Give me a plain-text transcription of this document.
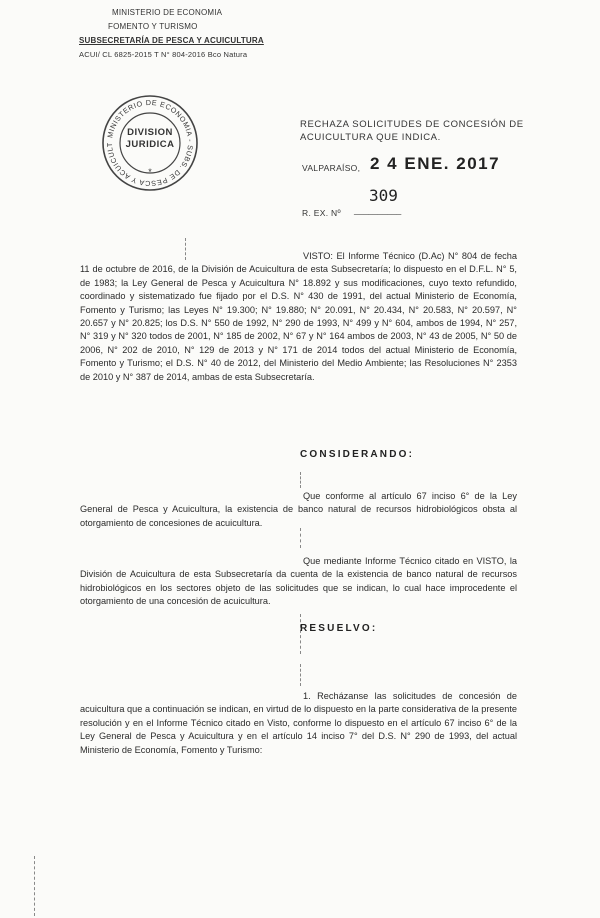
MINISTERIO DE ECONOMIA
FOMENTO Y TURISMO
SUBSECRETARÍA DE PESCA Y ACUICULTURA
ACUI/ CL 6825-2015 T N° 804-2016 Bco Natura
MINISTERIO DE ECONOMIA - SUBS. DE PESCA Y ACUICULT
*
DIVISION
JURIDICA
RECHAZA SOLICITUDES DE CONCESIÓN DE
ACUICULTURA QUE INDICA.
VALPARAÍSO, 2 4 ENE. 2017
309
R. EX. Nº __________

VISTO: El Informe Técnico (D.Ac) N° 804 de fecha 11 de octubre de 2016, de la División de Acuicultura de esta Subsecretaría; lo dispuesto en el D.F.L. N° 5, de 1983; la Ley General de Pesca y Acuicultura N° 18.892 y sus modificaciones, cuyo texto refundido, coordinado y sistematizado fue fijado por el D.S. N° 430 de 1991, del actual Ministerio de Economía, Fomento y Turismo; las Leyes N° 19.300; N° 19.880; N° 20.091, N° 20.434, N° 20.583, N° 20.597, N° 20.657 y N° 20.825; los D.S. N° 550 de 1992, N° 290 de 1993, N° 499 y N° 604, ambos de 1994, N° 257, N° 319 y N° 320 todos de 2001, N° 185 de 2002, N° 67 y N° 164 ambos de 2003, N° 43 de 2005, N° 50 de 2006, N° 202 de 2010, N° 129 de 2013 y N° 171 de 2014 todos del actual Ministerio de Economía, Fomento y Turismo; el D.S. N° 40 de 2012, del Ministerio del Medio Ambiente; las Resoluciones N° 2353 de 2010 y N° 387 de 2014, ambas de esta Subsecretaría.

CONSIDERANDO:

Que conforme al artículo 67 inciso 6° de la Ley General de Pesca y Acuicultura, la existencia de banco natural de recursos hidrobiológicos obsta al otorgamiento de concesiones de acuicultura.

Que mediante Informe Técnico citado en VISTO, la División de Acuicultura de esta Subsecretaría da cuenta de la existencia de banco natural de recursos hidrobiológicos en los sectores objeto de las solicitudes que se indican, lo cual hace improcedente el otorgamiento de una concesión de acuicultura.

RESUELVO:

1. Recházanse las solicitudes de concesión de acuicultura que a continuación se indican, en virtud de lo dispuesto en la parte considerativa de la presente resolución y en el Informe Técnico citado en Visto, conforme lo dispuesto en el artículo 67 inciso 6° de la Ley General de Pesca y Acuicultura y en el artículo 14 inciso 7° del D.S. N° 290 de 1993, del actual Ministerio de Economía, Fomento y Turismo:
